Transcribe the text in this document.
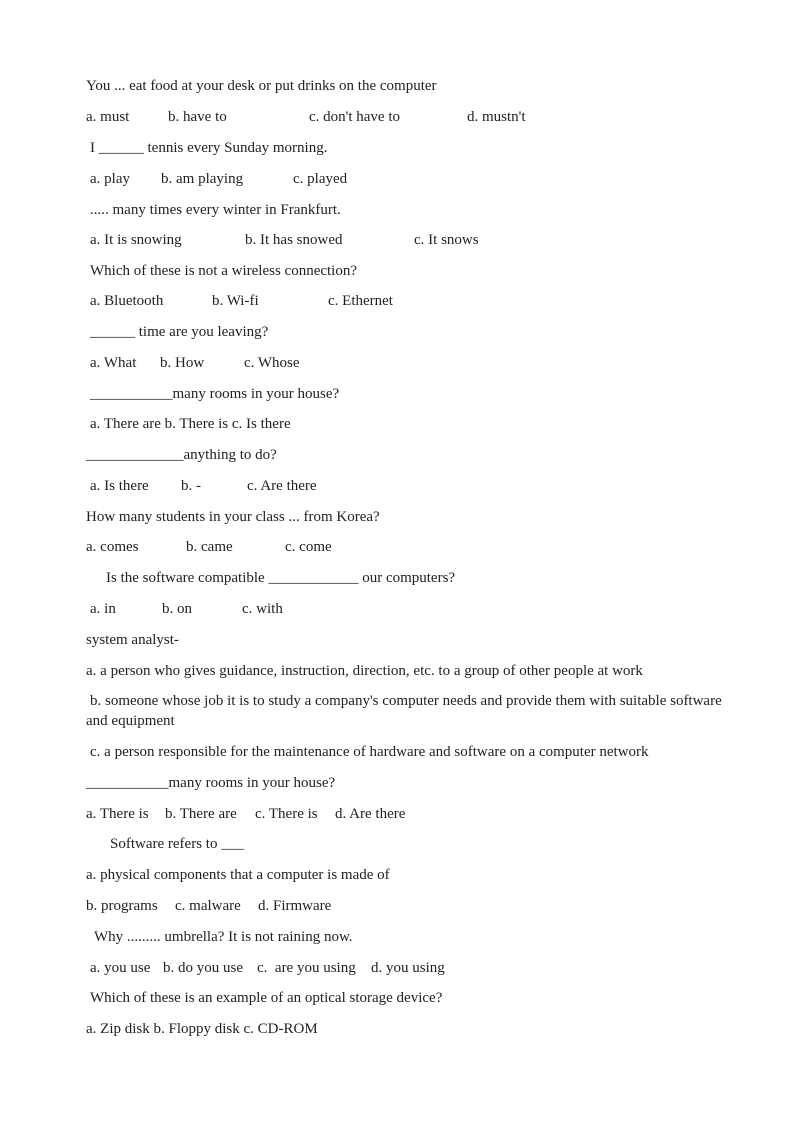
You ... eat food at your desk or put drinks on the computer
a. must	b. have to	c. don't have to	d. mustn't
I ______ tennis every Sunday morning.
a. play b. am playing	c. played
..... many times every winter in Frankfurt.
a. It is snowing	b. It has snowed	c. It snows
Which of these is not a wireless connection?
a. Bluetooth	b. Wi-fi	c. Ethernet
______ time are you leaving?
a. What b. How	c. Whose
___________many rooms in your house?
a. There are b. There is c. Is there
_____________anything to do?
a. Is there b. -	c. Are there
How many students in your class ... from Korea?
a. comes	b. came	c. come
Is the software compatible ____________ our computers?
a. in	b. on	c. with
system analyst-
a. a person who gives guidance, instruction, direction, etc. to a group of other people at work
b. someone whose job it is to study a company's computer needs and provide them with suitable software and equipment
c. a person responsible for the maintenance of hardware and software on a computer network
___________many rooms in your house?
a. There is b. There are c. There is d. Are there
Software refers to ___
a. physical components that a computer is made of
b. programs c. malware d. Firmware
Why ......... umbrella? It is not raining now.
a. you use b. do you use c.  are you using d. you using
Which of these is an example of an optical storage device?
a. Zip disk b. Floppy disk c. CD-ROM
